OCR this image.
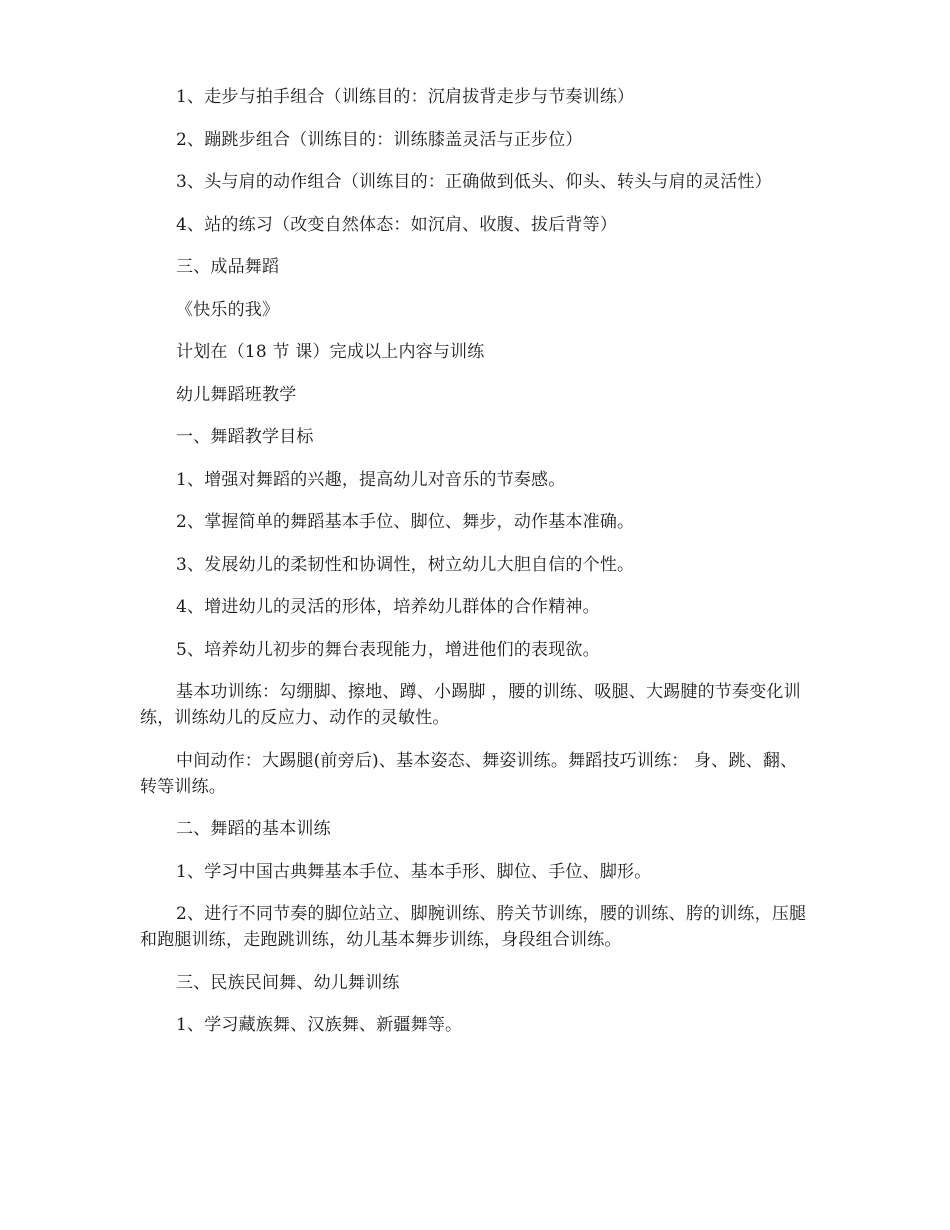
1、走步与拍手组合（训练目的：沉肩拔背走步与节奏训练）

2、蹦跳步组合（训练目的：训练膝盖灵活与正步位）

3、头与肩的动作组合（训练目的：正确做到低头、仰头、转头与肩的灵活性）

4、站的练习（改变自然体态：如沉肩、收腹、拔后背等）

三、成品舞蹈

《快乐的我》

计划在（18 节 课）完成以上内容与训练

幼儿舞蹈班教学

一、舞蹈教学目标

1、增强对舞蹈的兴趣，提高幼儿对音乐的节奏感。

2、掌握简单的舞蹈基本手位、脚位、舞步，动作基本准确。

3、发展幼儿的柔韧性和协调性，树立幼儿大胆自信的个性。

4、增进幼儿的灵活的形体，培养幼儿群体的合作精神。

5、培养幼儿初步的舞台表现能力，增进他们的表现欲。

基本功训练：勾绷脚、擦地、蹲、小踢脚 ，腰的训练、吸腿、大踢腱的节奏变化训练，训练幼儿的反应力、动作的灵敏性。

中间动作：大踢腿(前旁后)、基本姿态、舞姿训练。舞蹈技巧训练： 身、跳、翻、转等训练。

二、舞蹈的基本训练

1、学习中国古典舞基本手位、基本手形、脚位、手位、脚形。

2、进行不同节奏的脚位站立、脚腕训练、胯关节训练，腰的训练、胯的训练，压腿和跑腿训练，走跑跳训练，幼儿基本舞步训练，身段组合训练。

三、民族民间舞、幼儿舞训练

1、学习藏族舞、汉族舞、新疆舞等。
